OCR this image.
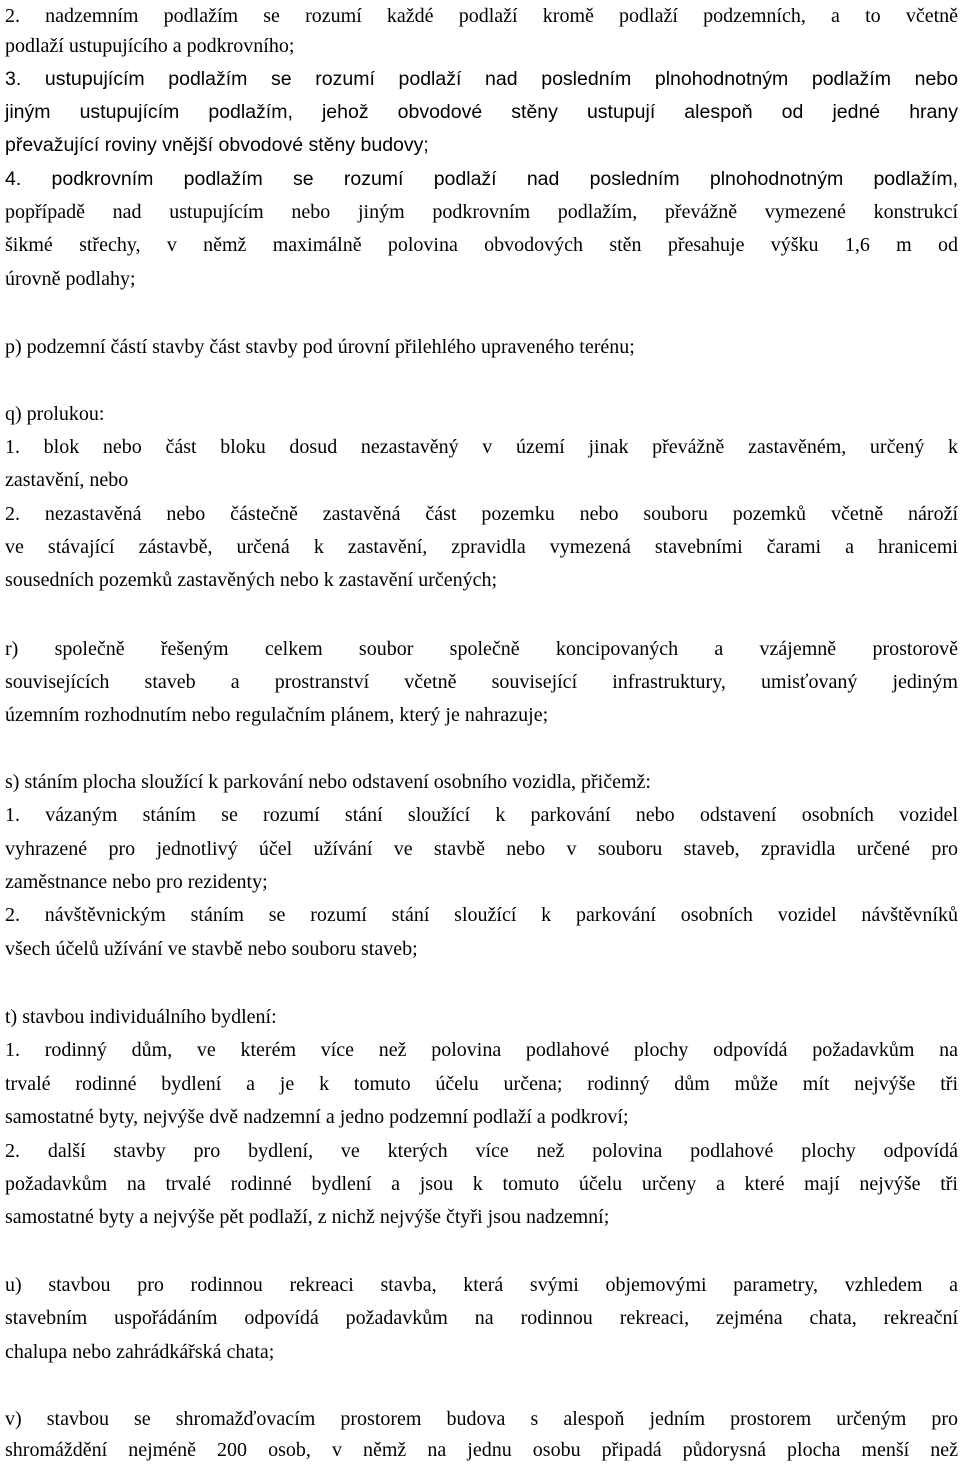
2. nadzemním podlažím se rozumí každé podlaží kromě podlaží podzemních, a to včetně
podlaží ustupujícího a podkrovního;
3. ustupujícím podlažím se rozumí podlaží nad posledním plnohodnotným podlažím nebo
jiným ustupujícím podlažím, jehož obvodové stěny ustupují alespoň od jedné hrany
převažující roviny vnější obvodové stěny budovy;
4. podkrovním podlažím se rozumí podlaží nad posledním plnohodnotným podlažím,
popřípadě nad ustupujícím nebo jiným podkrovním podlažím, převážně vymezené konstrukcí
šikmé střechy, v němž maximálně polovina obvodových stěn přesahuje výšku 1,6 m od
úrovně podlahy;
p) podzemní částí stavby část stavby pod úrovní přilehlého upraveného terénu;
q) prolukou:
1. blok nebo část bloku dosud nezastavěný v území jinak převážně zastavěném, určený k
zastavění, nebo
2. nezastavěná nebo částečně zastavěná část pozemku nebo souboru pozemků včetně nároží
ve stávající zástavbě, určená k zastavění, zpravidla vymezená stavebními čarami a hranicemi
sousedních pozemků zastavěných nebo k zastavění určených;
r) společně řešeným celkem soubor společně koncipovaných a vzájemně prostorově
souvisejících staveb a prostranství včetně související infrastruktury, umisťovaný jediným
územním rozhodnutím nebo regulačním plánem, který je nahrazuje;
s) stáním plocha sloužící k parkování nebo odstavení osobního vozidla, přičemž:
1. vázaným stáním se rozumí stání sloužící k parkování nebo odstavení osobních vozidel
vyhrazené pro jednotlivý účel užívání ve stavbě nebo v souboru staveb, zpravidla určené pro
zaměstnance nebo pro rezidenty;
2. návštěvnickým stáním se rozumí stání sloužící k parkování osobních vozidel návštěvníků
všech účelů užívání ve stavbě nebo souboru staveb;
t) stavbou individuálního bydlení:
1. rodinný dům, ve kterém více než polovina podlahové plochy odpovídá požadavkům na
trvalé rodinné bydlení a je k tomuto účelu určena; rodinný dům může mít nejvýše tři
samostatné byty, nejvýše dvě nadzemní a jedno podzemní podlaží a podkroví;
2. další stavby pro bydlení, ve kterých více než polovina podlahové plochy odpovídá
požadavkům na trvalé rodinné bydlení a jsou k tomuto účelu určeny a které mají nejvýše tři
samostatné byty a nejvýše pět podlaží, z nichž nejvýše čtyři jsou nadzemní;
u) stavbou pro rodinnou rekreaci stavba, která svými objemovými parametry, vzhledem a
stavebním uspořádáním odpovídá požadavkům na rodinnou rekreaci, zejména chata, rekreační
chalupa nebo zahrádkářská chata;
v) stavbou se shromažďovacím prostorem budova s alespoň jedním prostorem určeným pro
shromáždění nejméně 200 osob, v němž na jednu osobu připadá půdorysná plocha menší než
